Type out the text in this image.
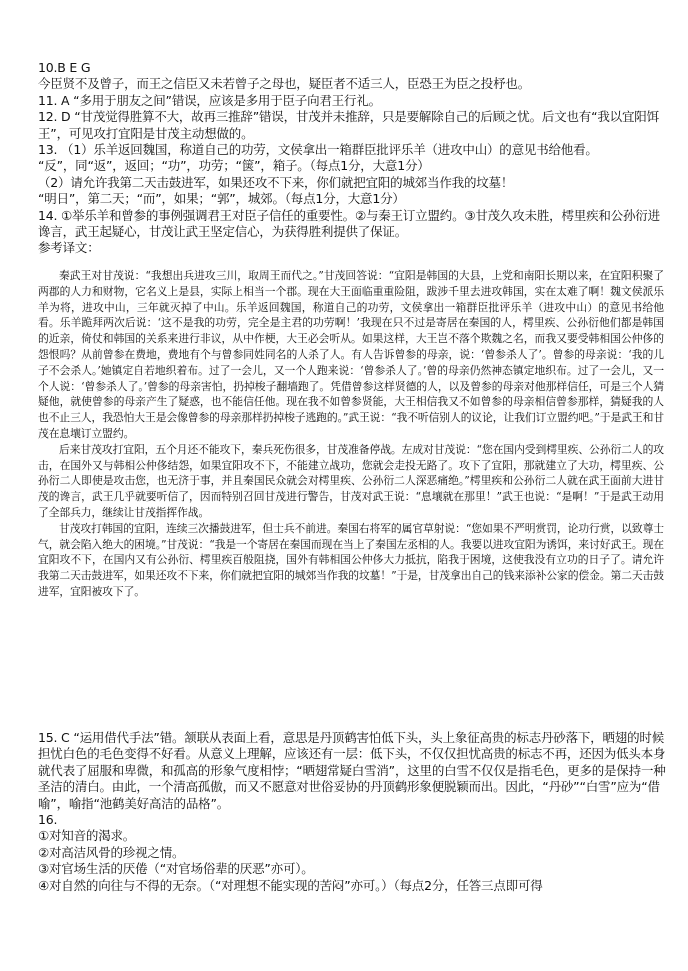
10.B E G

今臣贤不及曾子，而王之信臣又未若曾子之母也，疑臣者不适三人，臣恐王为臣之投杼也。

11. A “多用于朋友之间”错误，应该是多用于臣子向君王行礼。

12. D “甘茂觉得胜算不大，故再三推辞”错误，甘茂并未推辞，只是要解除自己的后顾之忧。后文也有“我以宜阳饵王”，可见攻打宜阳是甘茂主动想做的。

13. （1）乐羊返回魏国，称道自己的功劳，文侯拿出一箱群臣批评乐羊（进攻中山）的意见书给他看。

“反”，同“返”，返回；“功”，功劳；“箧”，箱子。（每点1分，大意1分）

（2）请允许我第二天击鼓进军，如果还攻不下来，你们就把宜阳的城郊当作我的坟墓！

“明日”，第二天；“而”，如果；“郭”，城郊。（每点1分，大意1分）

14. ①举乐羊和曾参的事例强调君王对臣子信任的重要性。②与秦王订立盟约。③甘茂久攻未胜，樗里疾和公孙衍进谗言，武王起疑心，甘茂让武王坚定信心，为获得胜利提供了保证。

参考译文：

秦武王对甘茂说：“我想出兵进攻三川，取周王而代之。”甘茂回答说：“宜阳是韩国的大县，上党和南阳长期以来，在宜阳积聚了两郡的人力和财物，它名义上是县，实际上相当一个郡。现在大王面临重重险阻，跋涉千里去进攻韩国，实在太难了啊！魏文侯派乐羊为将，进攻中山，三年就灭掉了中山。乐羊返回魏国，称道自己的功劳，文侯拿出一箱群臣批评乐羊（进攻中山）的意见书给他看。乐羊跪拜两次后说：‘这不是我的功劳，完全是主君的功劳啊！’我现在只不过是寄居在秦国的人，樗里疾、公孙衍他们都是韩国的近亲，倚仗和韩国的关系来进行非议，从中作梗，大王必会听从。如果这样，大王岂不落个欺魏之名，而我又要受韩相国公仲侈的怨恨吗？从前曾参在费地，费地有个与曾参同姓同名的人杀了人。有人告诉曾参的母亲，说：‘曾参杀人了’。曾参的母亲说：‘我的儿子不会杀人。’她镇定自若地织着布。过了一会儿，又一个人跑来说：‘曾参杀人了。’曾的母亲仍然神态镇定地织布。过了一会儿，又一个人说：‘曾参杀人了。’曾参的母亲害怕，扔掉梭子翻墙跑了。凭借曾参这样贤德的人，以及曾参的母亲对他那样信任，可是三个人猜疑他，就使曾参的母亲产生了疑惑，也不能信任他。现在我不如曾参贤能，大王相信我又不如曾参的母亲相信曾参那样，猜疑我的人也不止三人，我恐怕大王是会像曾参的母亲那样扔掉梭子逃跑的。”武王说：“我不听信别人的议论，让我们订立盟约吧。”于是武王和甘茂在息壤订立盟约。

后来甘茂攻打宜阳，五个月还不能攻下，秦兵死伤很多，甘茂准备停战。左成对甘茂说：“您在国内受到樗里疾、公孙衍二人的攻击，在国外又与韩相公仲侈结怨，如果宜阳攻不下，不能建立战功，您就会走投无路了。攻下了宜阳，那就建立了大功，樗里疾、公孙衍二人即使是攻击您，也无济于事，并且秦国民众就会对樗里疾、公孙衍二人深恶痛绝。”樗里疾和公孙衍二人就在武王面前大进甘茂的谗言，武王几乎就要听信了，因而特别召回甘茂进行警告，甘茂对武王说：“息壤就在那里！”武王也说：“是啊！”于是武王动用了全部兵力，继续让甘茂指挥作战。

甘茂攻打韩国的宜阳，连续三次播鼓进军，但士兵不前进。秦国右将军的属官草射说：“您如果不严明赏罚，论功行赏，以致尊士气，就会陷入绝大的困境。”甘茂说：“我是一个寄居在秦国而现在当上了秦国左丞相的人。我要以进攻宜阳为诱饵，来讨好武王。现在宜阳攻不下，在国内又有公孙衍、樗里疾百般阻挠，国外有韩相国公仲侈大力抵抗，陷我于困境，这使我没有立功的日子了。请允许我第二天击鼓进军，如果还攻不下来，你们就把宜阳的城郊当作我的坟墓！”于是，甘茂拿出自己的钱来添补公家的偿金。第二天击鼓进军，宜阳被攻下了。

15. C “运用借代手法”错。颔联从表面上看，意思是丹顶鹤害怕低下头，头上象征高贵的标志丹砂落下，晒翅的时候担忧白色的毛色变得不好看。从意义上理解，应该还有一层：低下头，不仅仅担忧高贵的标志不再，还因为低头本身就代表了屈服和卑微，和孤高的形象气度相悖；“晒翅常疑白雪消”，这里的白雪不仅仅是指毛色，更多的是保持一种圣洁的清白。由此，一个清高孤傲，而又不愿意对世俗妥协的丹顶鹤形象便脱颖而出。因此，“丹砂”“白雪”应为“借喻”，喻指“池鹤美好高洁的品格”。

16.

①对知音的渴求。

②对高洁风骨的珍视之情。

③对官场生活的厌倦（“对官场俗辈的厌恶”亦可）。

④对自然的向往与不得的无奈。（“对理想不能实现的苦闷”亦可。）（每点2分，任答三点即可得
